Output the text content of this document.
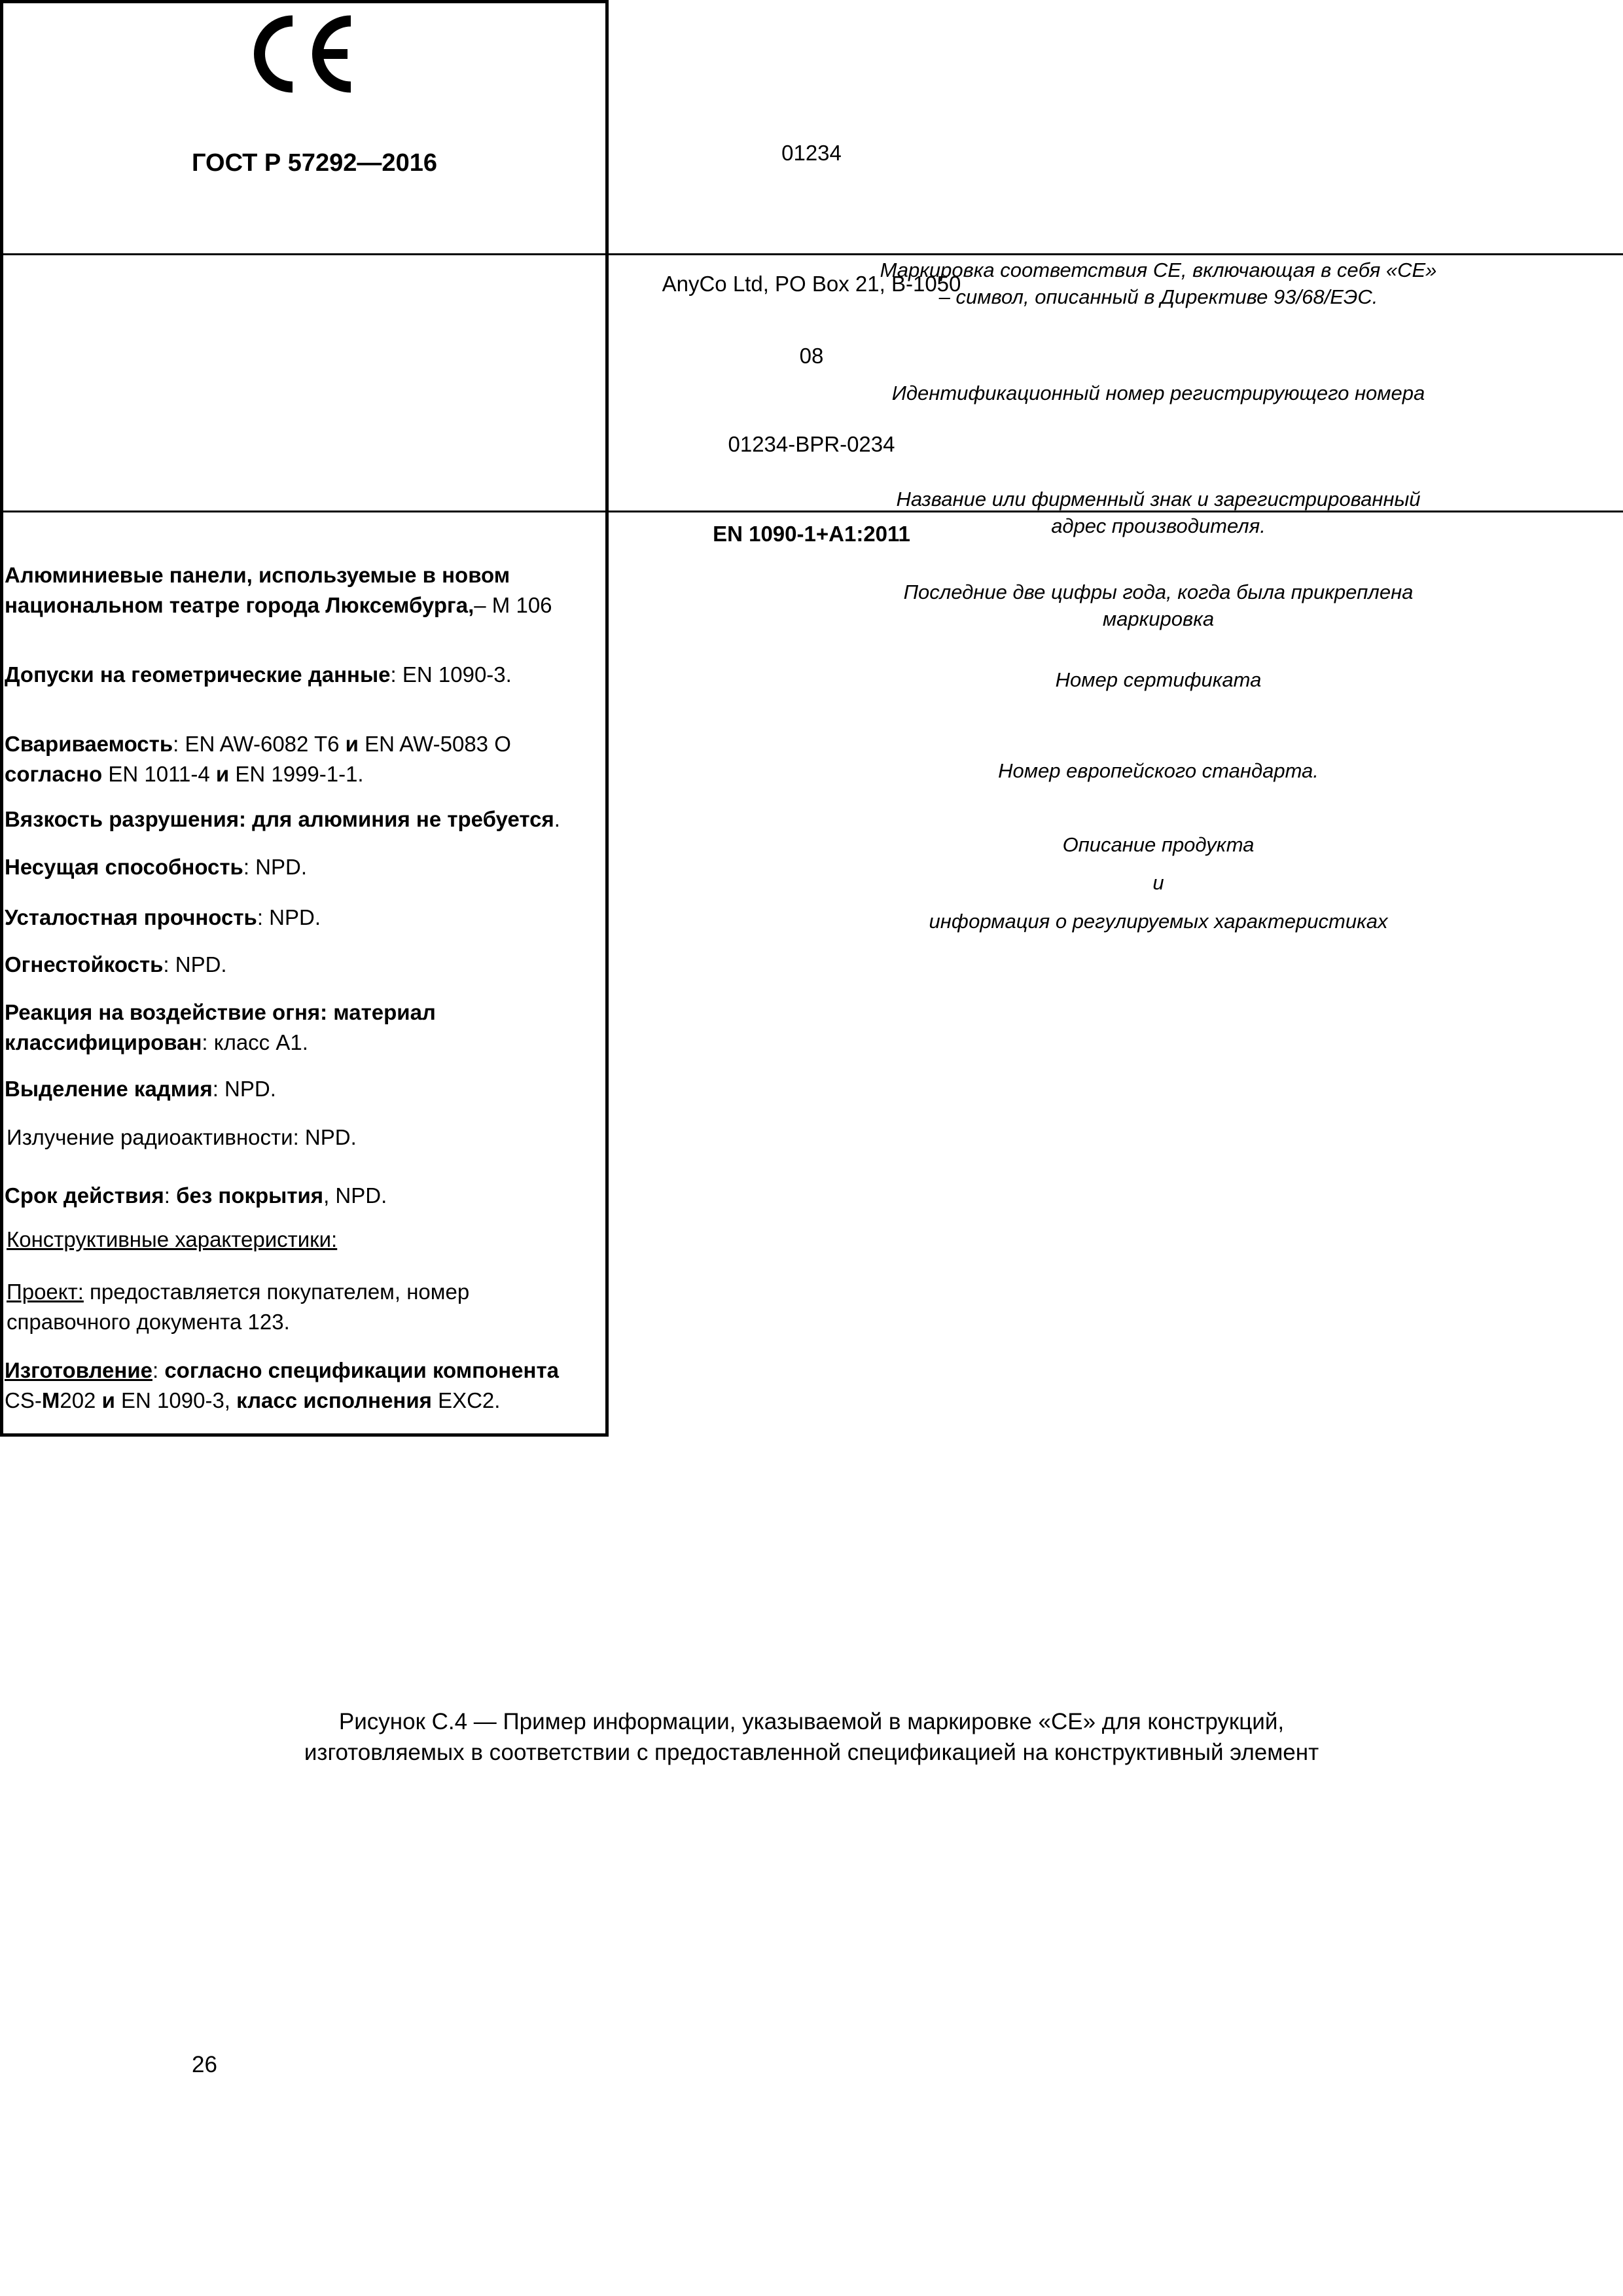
ГОСТ Р 57292—2016	01234
AnyCo Ltd, PO Box 21, B-1050
08
01234-BPR-0234
EN 1090-1+A1:2011
Алюминиевые панели, используемые в новом
национальном театре города Люксембурга,– M 106
Допуски на геометрические данные: EN 1090-3.
Свариваемость: EN AW-6082 T6 и EN AW-5083 O
согласно EN 1011-4 и EN 1999-1-1.
Вязкость разрушения: для алюминия не требуется.
Несущая способность: NPD.
Усталостная прочность: NPD.
Огнестойкость: NPD.
Реакция на воздействие огня: материал
классифицирован: класс A1.
Выделение кадмия: NPD.
Излучение радиоактивности: NPD.
Срок действия: без покрытия, NPD.
Конструктивные характеристики:
Проект: предоставляется покупателем, номер
справочного документа 123.
Изготовление: согласно спецификации компонента
CS-M202 и EN 1090-3, класс исполнения EXC2.
Маркировка соответствия СЕ, включающая в себя «СЕ» – символ, описанный в Директиве 93/68/ЕЭС.
Идентификационный номер регистрирующего номера
Название или фирменный знак и зарегистрированный адрес производителя.
Последние две цифры года, когда была прикреплена маркировка
Номер сертификата
Номер европейского стандарта.
Описание продукта
и
информация о регулируемых характеристиках
Рисунок С.4 — Пример информации, указываемой в маркировке «СЕ» для конструкций,
изготовляемых в соответствии с предоставленной спецификацией на конструктивный элемент
26
